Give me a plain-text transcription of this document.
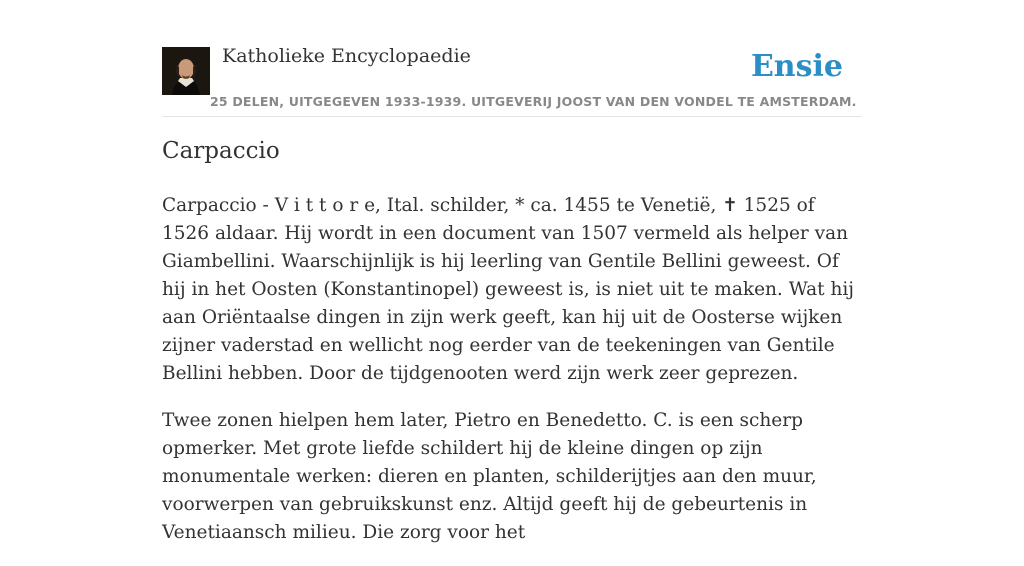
Katholieke Encyclopaedie
25 DELEN, UITGEGEVEN 1933-1939. UITGEVERIJ JOOST VAN DEN VONDEL TE AMSTERDAM.
Ensie
Carpaccio

Carpaccio - V i t t o r e, Ital. schilder, * ca. 1455 te Venetië, ✝ 1525 of 1526 aldaar. Hij wordt in een document van 1507 vermeld als helper van Giambellini. Waarschijnlijk is hij leerling van Gentile Bellini geweest. Of hij in het Oosten (Konstantinopel) geweest is, is niet uit te maken. Wat hij aan Oriëntaalse dingen in zijn werk geeft, kan hij uit de Oosterse wijken zijner vaderstad en wellicht nog eerder van de teekeningen van Gentile Bellini hebben. Door de tijdgenooten werd zijn werk zeer geprezen.

Twee zonen hielpen hem later, Pietro en Benedetto. C. is een scherp opmerker. Met grote liefde schildert hij de kleine dingen op zijn monumentale werken: dieren en planten, schilderijtjes aan den muur, voorwerpen van gebruikskunst enz. Altijd geeft hij de gebeurtenis in Venetiaansch milieu. Die zorg voor het
